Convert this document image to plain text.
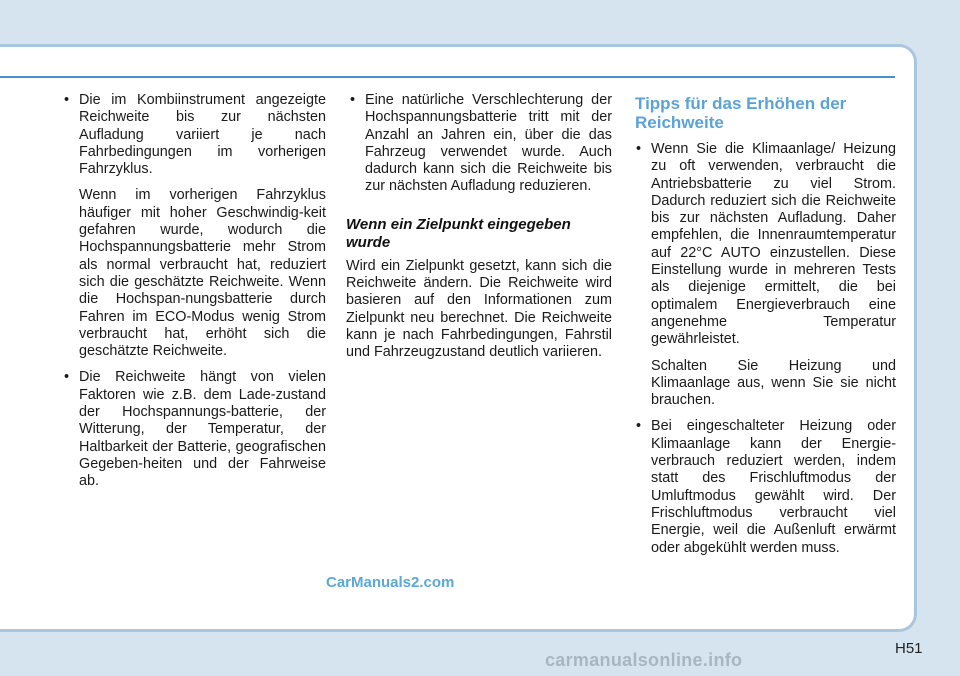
• Die im Kombiinstrument angezeigte Reichweite bis zur nächsten Aufladung variiert je nach Fahrbedingungen im vorherigen Fahrzyklus.

Wenn im vorherigen Fahrzyklus häufiger mit hoher Geschwindig-keit gefahren wurde, wodurch die Hochspannungsbatterie mehr Strom als normal verbraucht hat, reduziert sich die geschätzte Reichweite. Wenn die Hochspan-nungsbatterie durch Fahren im ECO-Modus wenig Strom verbraucht hat, erhöht sich die geschätzte Reichweite.

• Die Reichweite hängt von vielen Faktoren wie z.B. dem Lade-zustand der Hochspannungs-batterie, der Witterung, der Temperatur, der Haltbarkeit der Batterie, geografischen Gegeben-heiten und der Fahrweise ab.

• Eine natürliche Verschlechterung der Hochspannungsbatterie tritt mit der Anzahl an Jahren ein, über die das Fahrzeug verwendet wurde. Auch dadurch kann sich die Reichweite bis zur nächsten Aufladung reduzieren.

Wenn ein Zielpunkt eingegeben wurde

Wird ein Zielpunkt gesetzt, kann sich die Reichweite ändern. Die Reichweite wird basieren auf den Informationen zum Zielpunkt neu berechnet. Die Reichweite kann je nach Fahrbedingungen, Fahrstil und Fahrzeugzustand deutlich variieren.

Tipps für das Erhöhen der Reichweite

• Wenn Sie die Klimaanlage/ Heizung zu oft verwenden, verbraucht die Antriebsbatterie zu viel Strom. Dadurch reduziert sich die Reichweite bis zur nächsten Aufladung. Daher empfehlen, die Innenraumtemperatur auf 22°C AUTO einzustellen. Diese Einstellung wurde in mehreren Tests als diejenige ermittelt, die bei optimalem Energieverbrauch eine angenehme Temperatur gewährleistet.

Schalten Sie Heizung und Klimaanlage aus, wenn Sie sie nicht brauchen.

• Bei eingeschalteter Heizung oder Klimaanlage kann der Energie-verbrauch reduziert werden, indem statt des Frischluftmodus der Umluftmodus gewählt wird. Der Frischluftmodus verbraucht viel Energie, weil die Außenluft erwärmt oder abgekühlt werden muss.

CarManuals2.com
H51
carmanualsonline.info
